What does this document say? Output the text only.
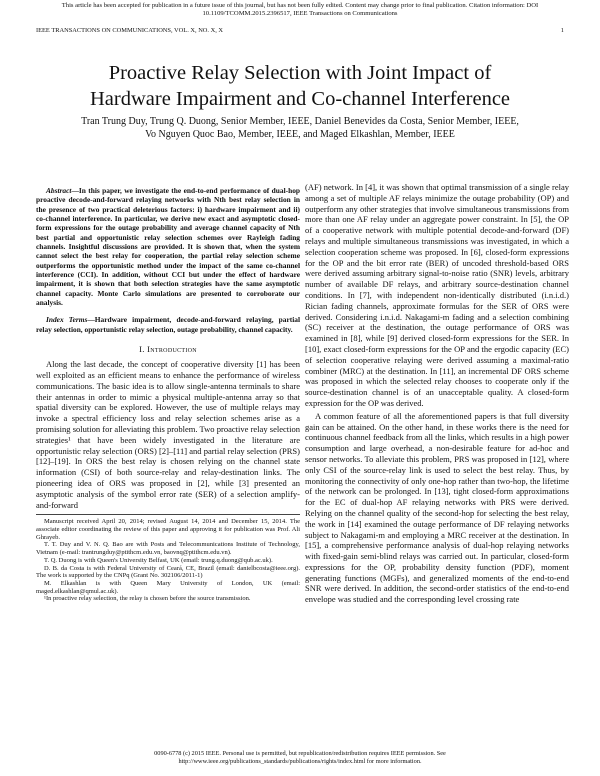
This article has been accepted for publication in a future issue of this journal, but has not been fully edited. Content may change prior to final publication. Citation information: DOI
10.1109/TCOMM.2015.2396517, IEEE Transactions on Communications
IEEE TRANSACTIONS ON COMMUNICATIONS, VOL. X, NO. X, X	1
Proactive Relay Selection with Joint Impact of
Hardware Impairment and Co-channel Interference
Tran Trung Duy, Trung Q. Duong, Senior Member, IEEE, Daniel Benevides da Costa, Senior Member, IEEE,
Vo Nguyen Quoc Bao, Member, IEEE, and Maged Elkashlan, Member, IEEE

Abstract—In this paper, we investigate the end-to-end performance of dual-hop proactive decode-and-forward relaying networks with Nth best relay selection in the presence of two practical deleterious factors: i) hardware impairment and ii) co-channel interference. In particular, we derive new exact and asymptotic closed-form expressions for the outage probability and average channel capacity of Nth best partial and opportunistic relay selection schemes over Rayleigh fading channels. Insightful discussions are provided. It is shown that, when the system cannot select the best relay for cooperation, the partial relay selection scheme outperforms the opportunistic method under the impact of the same co-channel interference (CCI). In addition, without CCI but under the effect of hardware impairment, it is shown that both selection strategies have the same asymptotic channel capacity. Monte Carlo simulations are presented to corroborate our analysis.

Index Terms—Hardware impairment, decode-and-forward relaying, partial relay selection, opportunistic relay selection, outage probability, channel capacity.

I. Introduction

Along the last decade, the concept of cooperative diversity [1] has been well exploited as an efficient means to enhance the performance of wireless communications. The basic idea is to allow single-antenna terminals to share their antennas in order to mimic a physical multiple-antenna array so that spatial diversity can be explored. However, the use of multiple relays may invoke a spectral efficiency loss and relay selection schemes arise as a promising solution for alleviating this problem. Two proactive relay selection strategies¹ that have been widely investigated in the literature are opportunistic relay selection (ORS) [2]–[11] and partial relay selection (PRS) [12]–[19]. In ORS the best relay is chosen relying on the channel state information (CSI) of both source-relay and relay-destination links. The pioneering idea of ORS was proposed in [2], while [3] presented an asymptotic analysis of the symbol error rate (SER) of a selection amplify-and-forward

Manuscript received April 20, 2014; revised August 14, 2014 and December 15, 2014. The associate editor coordinating the review of this paper and approving it for publication was Prof. Ali Ghrayeb.

T. T. Duy and V. N. Q. Bao are with Posts and Telecommunications Institute of Technology, Vietnam (e-mail: trantrungduy@ptithcm.edu.vn, baovnq@ptithcm.edu.vn).

T. Q. Duong is with Queen's University Belfast, UK (email: trung.q.duong@qub.ac.uk).

D. B. da Costa is with Federal University of Ceará, CE, Brazil (email: danielbcosta@ieee.org). The work is supported by the CNPq (Grant No. 302106/2011-1)

M. Elkashlan is with Queen Mary University of London, UK (email: maged.elkashlan@qmul.ac.uk).

¹In proactive relay selection, the relay is chosen before the source transmission.

(AF) network. In [4], it was shown that optimal transmission of a single relay among a set of multiple AF relays minimize the outage probability (OP) and outperform any other strategies that involve simultaneous transmissions from more than one AF relay under an aggregate power constraint. In [5], the OP of a cooperative network with multiple potential decode-and-forward (DF) relays and multiple simultaneous transmissions was investigated, in which a selection cooperation scheme was proposed. In [6], closed-form expressions for the OP and the bit error rate (BER) of uncoded threshold-based ORS were derived assuming arbitrary signal-to-noise ratio (SNR) levels, arbitrary number of available DF relays, and arbitrary source-destination channel conditions. In [7], with independent non-identically distributed (i.n.i.d.) Rician fading channels, approximate formulas for the SER of ORS were derived. Considering i.n.i.d. Nakagami-m fading and a selection combining (SC) receiver at the destination, the outage performance of ORS was examined in [8], while [9] derived closed-form expressions for the SER. In [10], exact closed-form expressions for the OP and the ergodic capacity (EC) of selection cooperative relaying were derived assuming a maximal-ratio combiner (MRC) at the destination. In [11], an incremental DF ORS scheme was proposed in which the selected relay chooses to cooperate only if the source-destination channel is of an unacceptable quality. A closed-form expression for the OP was derived.

A common feature of all the aforementioned papers is that full diversity gain can be attained. On the other hand, in these works there is the need for continuous channel feedback from all the links, which results in a high power consumption and large overhead, a non-desirable feature for ad-hoc and sensor networks. To alleviate this problem, PRS was proposed in [12], where only CSI of the source-relay link is used to select the best relay. Thus, by monitoring the connectivity of only one-hop rather than two-hop, the lifetime of the network can be prolonged. In [13], tight closed-form approximations for the EC of dual-hop AF relaying networks with PRS were derived. Relying on the channel quality of the second-hop for selecting the best relay, the work in [14] examined the outage performance of DF relaying networks subject to Nakagami-m and employing a MRC receiver at the destination. In [15], a comprehensive performance analysis of dual-hop relaying networks with fixed-gain semi-blind relays was carried out. In particular, closed-form expressions for the OP, probability density function (PDF), moment generating functions (MGFs), and generalized moments of the end-to-end SNR were derived. In addition, the second-order statistics of the end-to-end envelope was studied and the corresponding level crossing rate

0090-6778 (c) 2015 IEEE. Personal use is permitted, but republication/redistribution requires IEEE permission. See
http://www.ieee.org/publications_standards/publications/rights/index.html for more information.
